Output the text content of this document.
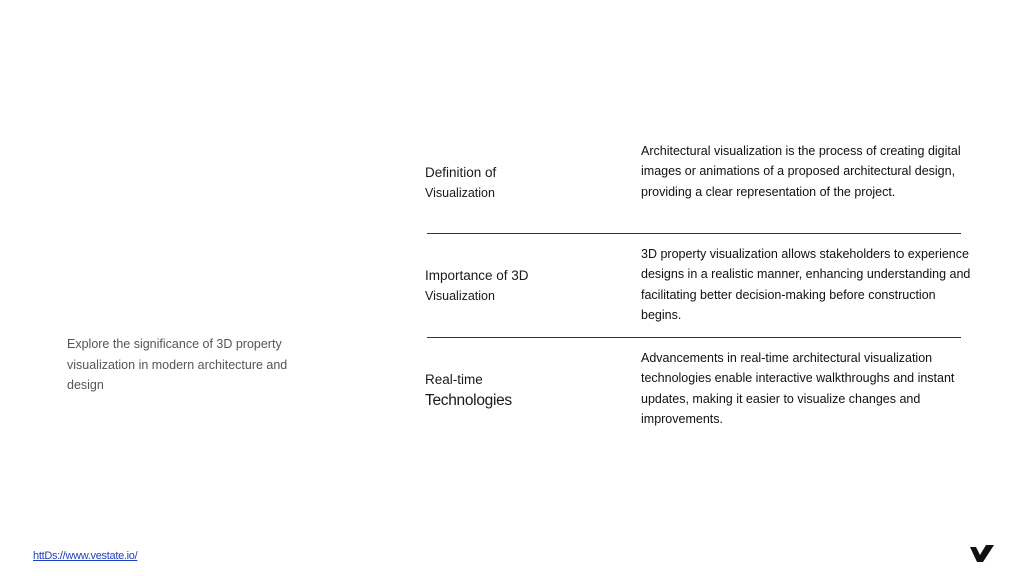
Explore the significance of 3D property visualization in modern architecture and design
Definition of
Visualization
Architectural visualization is the process of creating digital images or animations of a proposed architectural design, providing a clear representation of the project.
Importance of 3D
Visualization
3D property visualization allows stakeholders to experience designs in a realistic manner, enhancing understanding and facilitating better decision-making before construction begins.
Real-time
Technologies
Advancements in real-time architectural visualization technologies enable interactive walkthroughs and instant updates, making it easier to visualize changes and improvements.
httDs://www.vestate.io/
